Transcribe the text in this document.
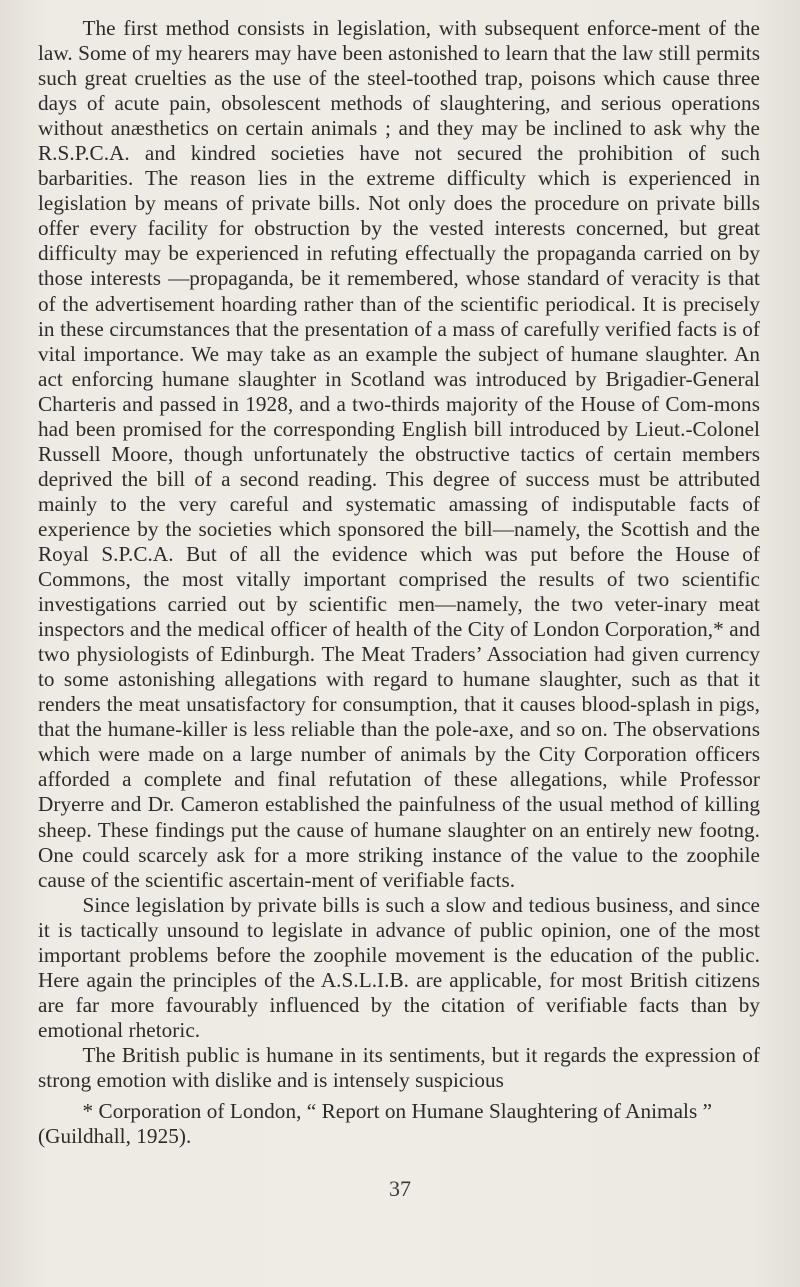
The first method consists in legislation, with subsequent enforce-ment of the law. Some of my hearers may have been astonished to learn that the law still permits such great cruelties as the use of the steel-toothed trap, poisons which cause three days of acute pain, obsolescent methods of slaughtering, and serious operations without anæsthetics on certain animals ; and they may be inclined to ask why the R.S.P.C.A. and kindred societies have not secured the prohibition of such barbarities. The reason lies in the extreme difficulty which is experienced in legislation by means of private bills. Not only does the procedure on private bills offer every facility for obstruction by the vested interests concerned, but great difficulty may be experienced in refuting effectually the propaganda carried on by those interests —propaganda, be it remembered, whose standard of veracity is that of the advertisement hoarding rather than of the scientific periodical. It is precisely in these circumstances that the presentation of a mass of carefully verified facts is of vital importance. We may take as an example the subject of humane slaughter. An act enforcing humane slaughter in Scotland was introduced by Brigadier-General Charteris and passed in 1928, and a two-thirds majority of the House of Com-mons had been promised for the corresponding English bill introduced by Lieut.-Colonel Russell Moore, though unfortunately the obstructive tactics of certain members deprived the bill of a second reading. This degree of success must be attributed mainly to the very careful and systematic amassing of indisputable facts of experience by the societies which sponsored the bill—namely, the Scottish and the Royal S.P.C.A. But of all the evidence which was put before the House of Commons, the most vitally important comprised the results of two scientific investigations carried out by scientific men—namely, the two veter-inary meat inspectors and the medical officer of health of the City of London Corporation,* and two physiologists of Edinburgh. The Meat Traders’ Association had given currency to some astonishing allegations with regard to humane slaughter, such as that it renders the meat unsatisfactory for consumption, that it causes blood-splash in pigs, that the humane-killer is less reliable than the pole-axe, and so on. The observations which were made on a large number of animals by the City Corporation officers afforded a complete and final refutation of these allegations, while Professor Dryerre and Dr. Cameron established the painfulness of the usual method of killing sheep. These findings put the cause of humane slaughter on an entirely new footng. One could scarcely ask for a more striking instance of the value to the zoophile cause of the scientific ascertain-ment of verifiable facts.

Since legislation by private bills is such a slow and tedious business, and since it is tactically unsound to legislate in advance of public opinion, one of the most important problems before the zoophile movement is the education of the public. Here again the principles of the A.S.L.I.B. are applicable, for most British citizens are far more favourably influenced by the citation of verifiable facts than by emotional rhetoric.

The British public is humane in its sentiments, but it regards the expression of strong emotion with dislike and is intensely suspicious

* Corporation of London, “ Report on Humane Slaughtering of Animals ” (Guildhall, 1925).

37
